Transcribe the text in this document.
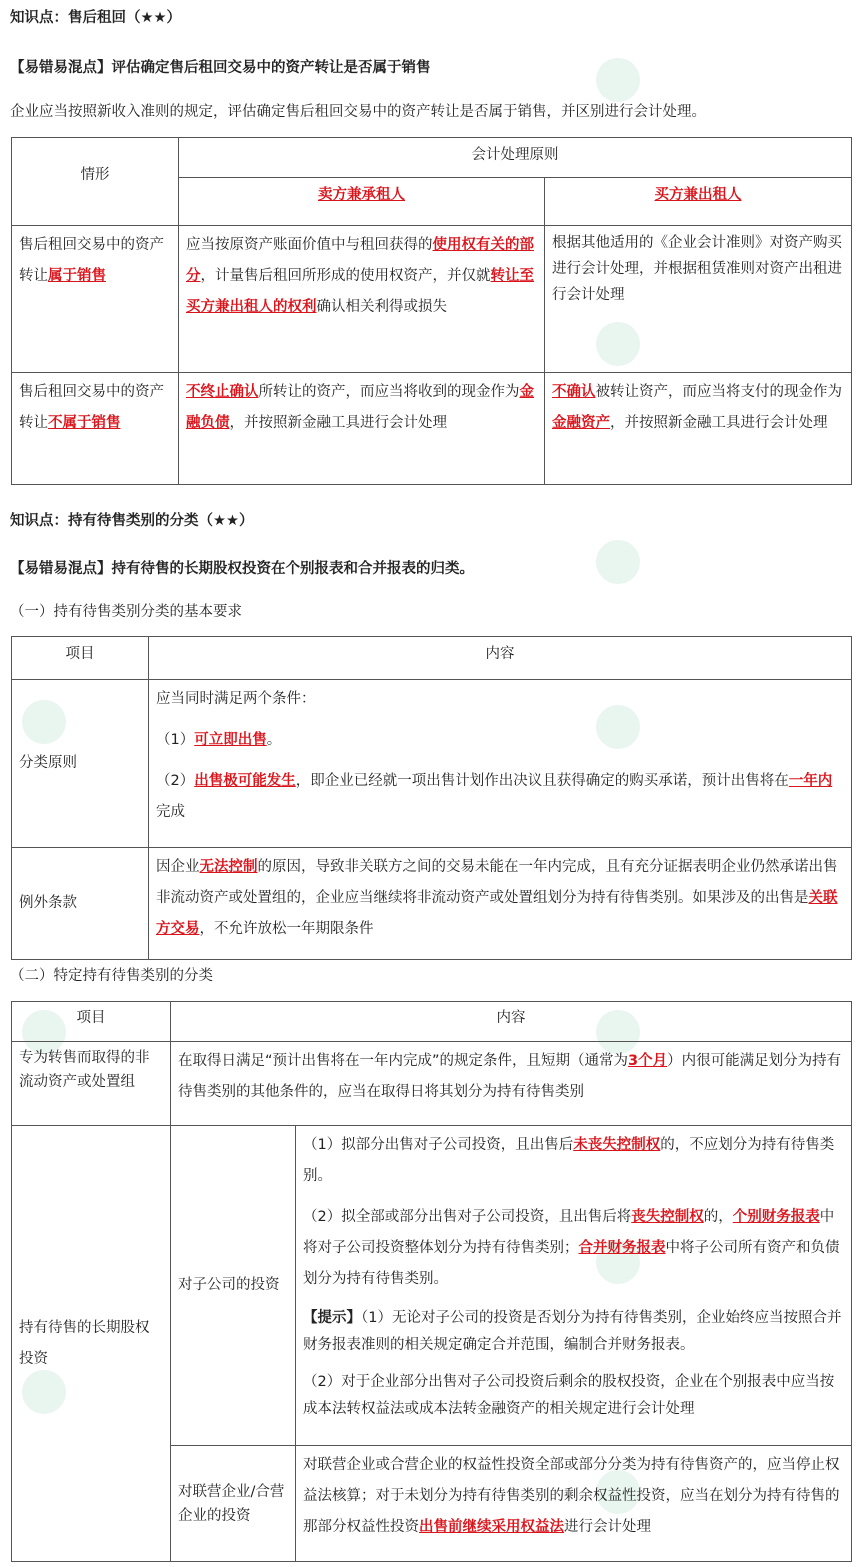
知识点：售后租回（★★）
【易错易混点】评估确定售后租回交易中的资产转让是否属于销售
企业应当按照新收入准则的规定，评估确定售后租回交易中的资产转让是否属于销售，并区别进行会计处理。
情形	会计处理原则	
	卖方兼承租人	买方兼出租人
售后租回交易中的资产转让属于销售	应当按原资产账面价值中与租回获得的使用权有关的部分，计量售后租回所形成的使用权资产，并仅就转让至买方兼出租人的权利确认相关利得或损失	根据其他适用的《企业会计准则》对资产购买进行会计处理，并根据租赁准则对资产出租进行会计处理
售后租回交易中的资产转让不属于销售	不终止确认所转让的资产，而应当将收到的现金作为金融负债，并按照新金融工具进行会计处理	不确认被转让资产，而应当将支付的现金作为金融资产，并按照新金融工具进行会计处理
知识点：持有待售类别的分类（★★）
【易错易混点】持有待售的长期股权投资在个别报表和合并报表的归类。
（一）持有待售类别分类的基本要求
项目	内容
分类原则	应当同时满足两个条件：

（1）可立即出售。

（2）出售极可能发生，即企业已经就一项出售计划作出决议且获得确定的购买承诺，预计出售将在一年内完成

例外条款	因企业无法控制的原因，导致非关联方之间的交易未能在一年内完成，且有充分证据表明企业仍然承诺出售非流动资产或处置组的，企业应当继续将非流动资产或处置组划分为持有待售类别。如果涉及的出售是关联方交易，不允许放松一年期限条件
（二）特定持有待售类别的分类
项目	内容	
专为转售而取得的非流动资产或处置组	在取得日满足“预计出售将在一年内完成”的规定条件，且短期（通常为3个月）内很可能满足划分为持有待售类别的其他条件的，应当在取得日将其划分为持有待售类别	
持有待售的长期股权投资	对子公司的投资	（1）拟部分出售对子公司投资，且出售后未丧失控制权的，不应划分为持有待售类别。

（2）拟全部或部分出售对子公司投资，且出售后将丧失控制权的，个别财务报表中将对子公司投资整体划分为持有待售类别；合并财务报表中将子公司所有资产和负债划分为持有待售类别。

【提示】（1）无论对子公司的投资是否划分为持有待售类别，企业始终应当按照合并财务报表准则的相关规定确定合并范围，编制合并财务报表。

（2）对于企业部分出售对子公司投资后剩余的股权投资，企业在个别报表中应当按成本法转权益法或成本法转金融资产的相关规定进行会计处理

	对联营企业/合营企业的投资	对联营企业或合营企业的权益性投资全部或部分分类为持有待售资产的，应当停止权益法核算；对于未划分为持有待售类别的剩余权益性投资，应当在划分为持有待售的那部分权益性投资出售前继续采用权益法进行会计处理
